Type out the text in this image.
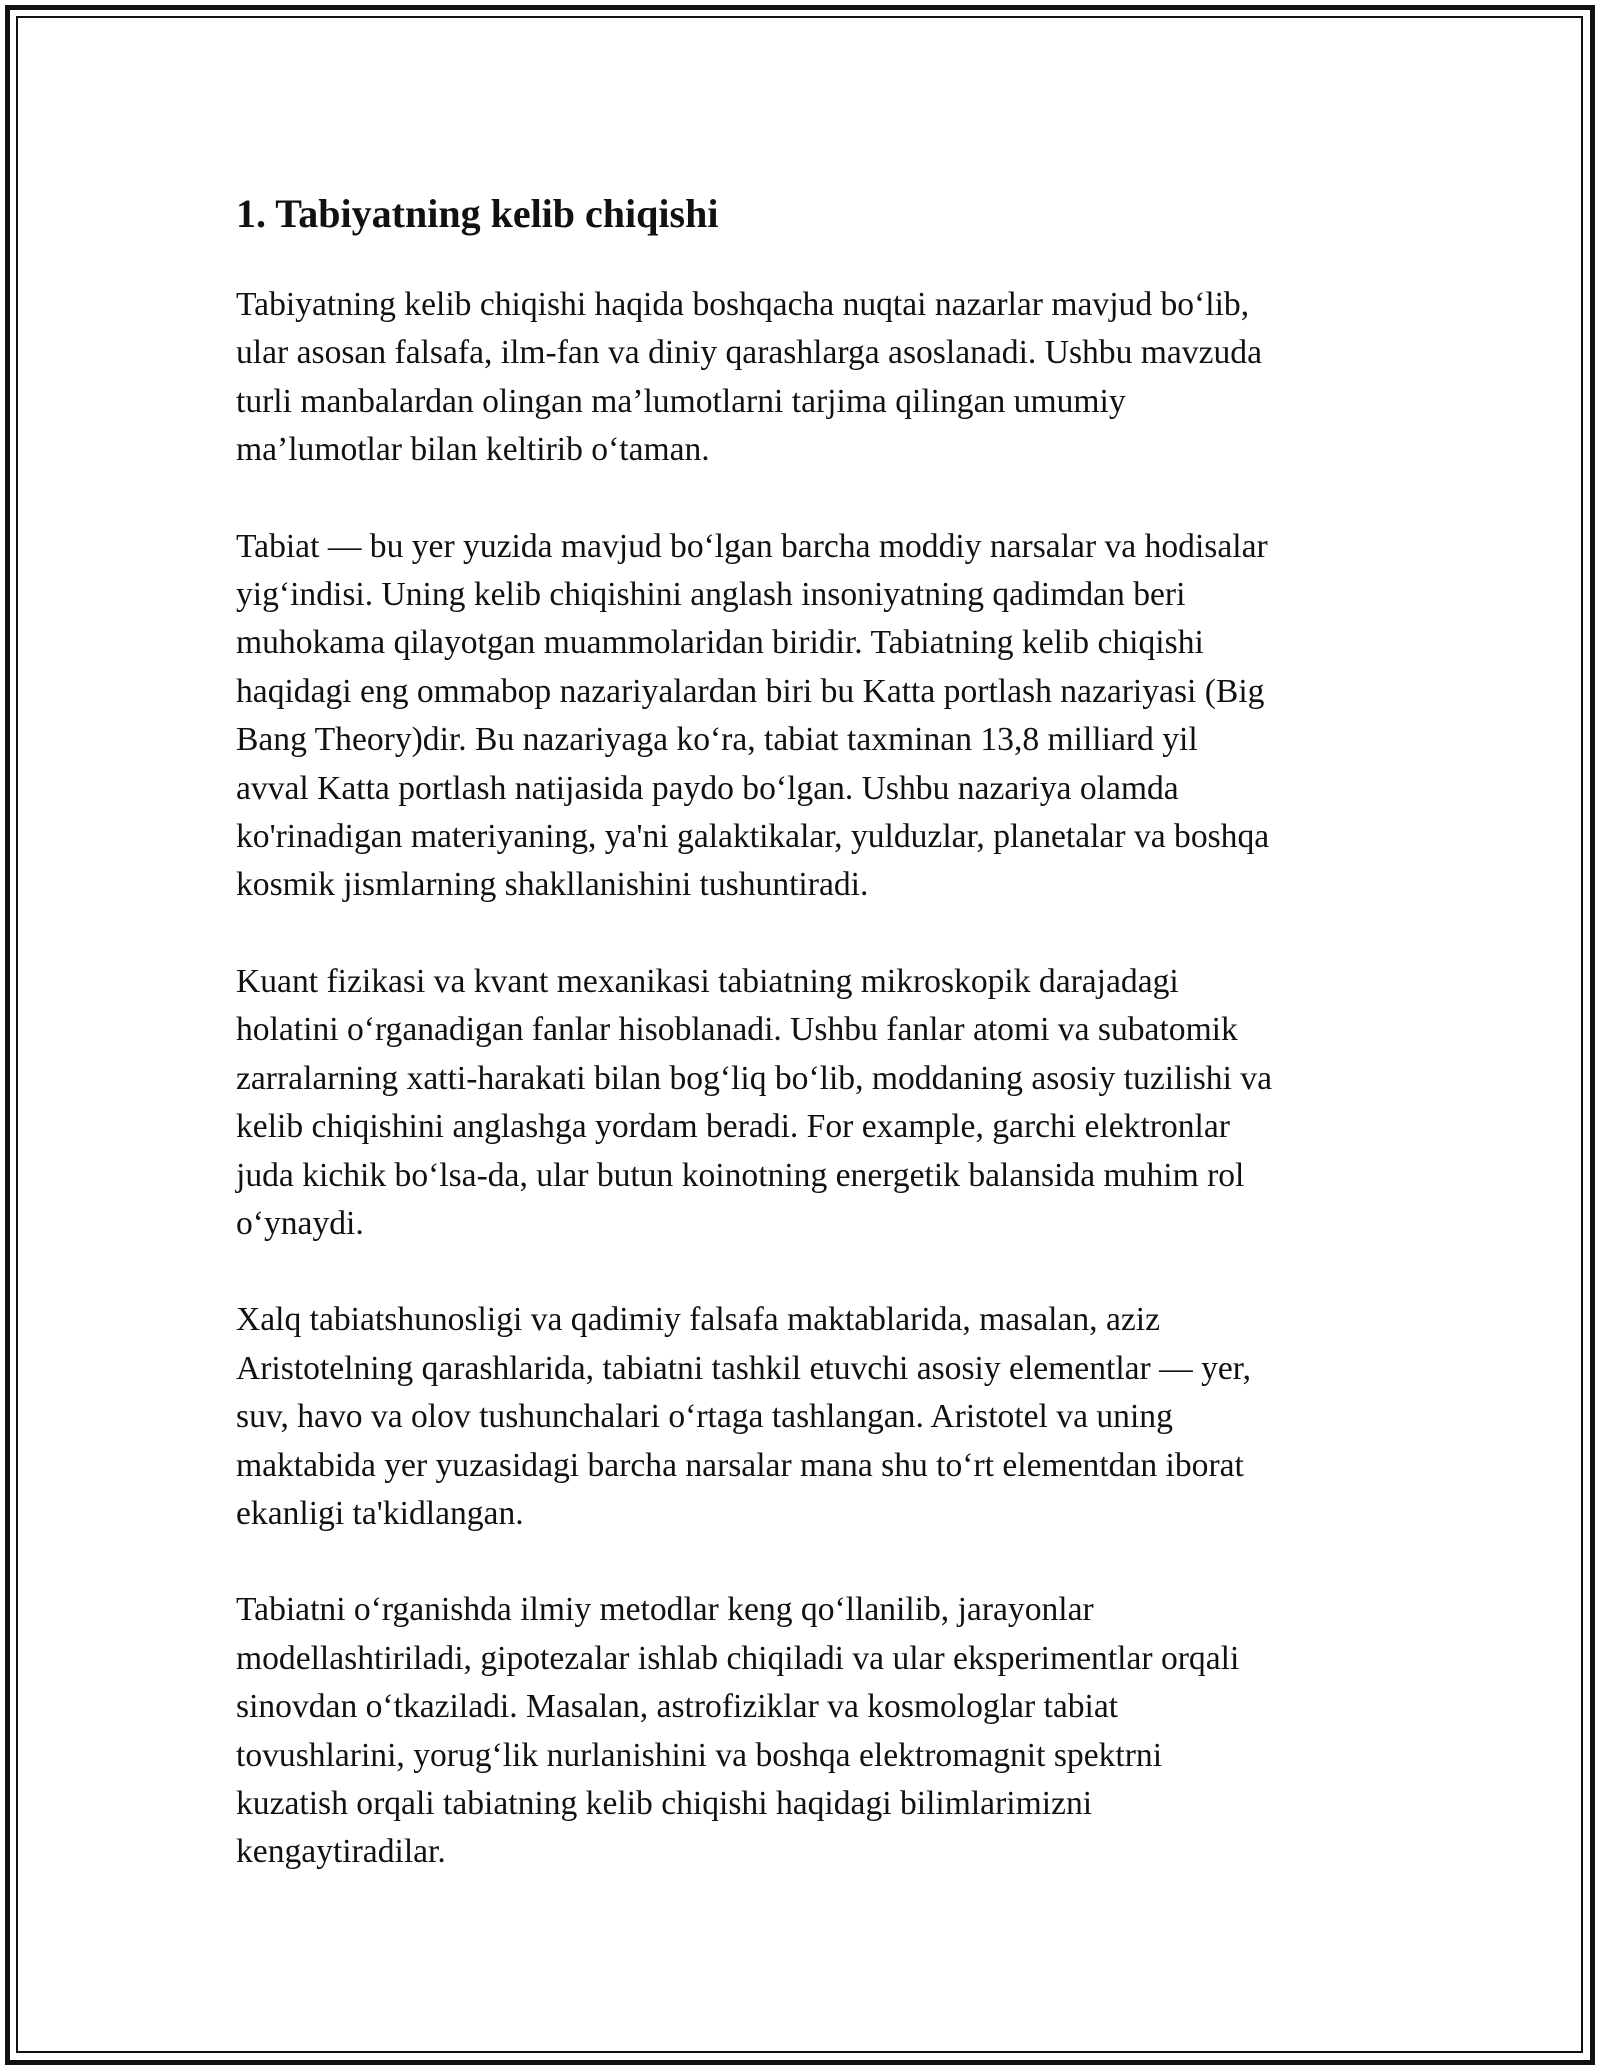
1. Tabiyatning kelib chiqishi

Tabiyatning kelib chiqishi haqida boshqacha nuqtai nazarlar mavjud bo‘lib,
ular asosan falsafa, ilm-fan va diniy qarashlarga asoslanadi. Ushbu mavzuda
turli manbalardan olingan ma’lumotlarni tarjima qilingan umumiy
ma’lumotlar bilan keltirib o‘taman.

Tabiat — bu yer yuzida mavjud bo‘lgan barcha moddiy narsalar va hodisalar
yig‘indisi. Uning kelib chiqishini anglash insoniyatning qadimdan beri
muhokama qilayotgan muammolaridan biridir. Tabiatning kelib chiqishi
haqidagi eng ommabop nazariyalardan biri bu Katta portlash nazariyasi (Big
Bang Theory)dir. Bu nazariyaga ko‘ra, tabiat taxminan 13,8 milliard yil
avval Katta portlash natijasida paydo bo‘lgan. Ushbu nazariya olamda
ko'rinadigan materiyaning, ya'ni galaktikalar, yulduzlar, planetalar va boshqa
kosmik jismlarning shakllanishini tushuntiradi.

Kuant fizikasi va kvant mexanikasi tabiatning mikroskopik darajadagi
holatini o‘rganadigan fanlar hisoblanadi. Ushbu fanlar atomi va subatomik
zarralarning xatti-harakati bilan bog‘liq bo‘lib, moddaning asosiy tuzilishi va
kelib chiqishini anglashga yordam beradi. For example, garchi elektronlar
juda kichik bo‘lsa-da, ular butun koinotning energetik balansida muhim rol
o‘ynaydi.

Xalq tabiatshunosligi va qadimiy falsafa maktablarida, masalan, aziz
Aristotelning qarashlarida, tabiatni tashkil etuvchi asosiy elementlar — yer,
suv, havo va olov tushunchalari o‘rtaga tashlangan. Aristotel va uning
maktabida yer yuzasidagi barcha narsalar mana shu to‘rt elementdan iborat
ekanligi ta'kidlangan.

Tabiatni o‘rganishda ilmiy metodlar keng qo‘llanilib, jarayonlar
modellashtiriladi, gipotezalar ishlab chiqiladi va ular eksperimentlar orqali
sinovdan o‘tkaziladi. Masalan, astrofiziklar va kosmologlar tabiat
tovushlarini, yorug‘lik nurlanishini va boshqa elektromagnit spektrni
kuzatish orqali tabiatning kelib chiqishi haqidagi bilimlarimizni
kengaytiradilar.
